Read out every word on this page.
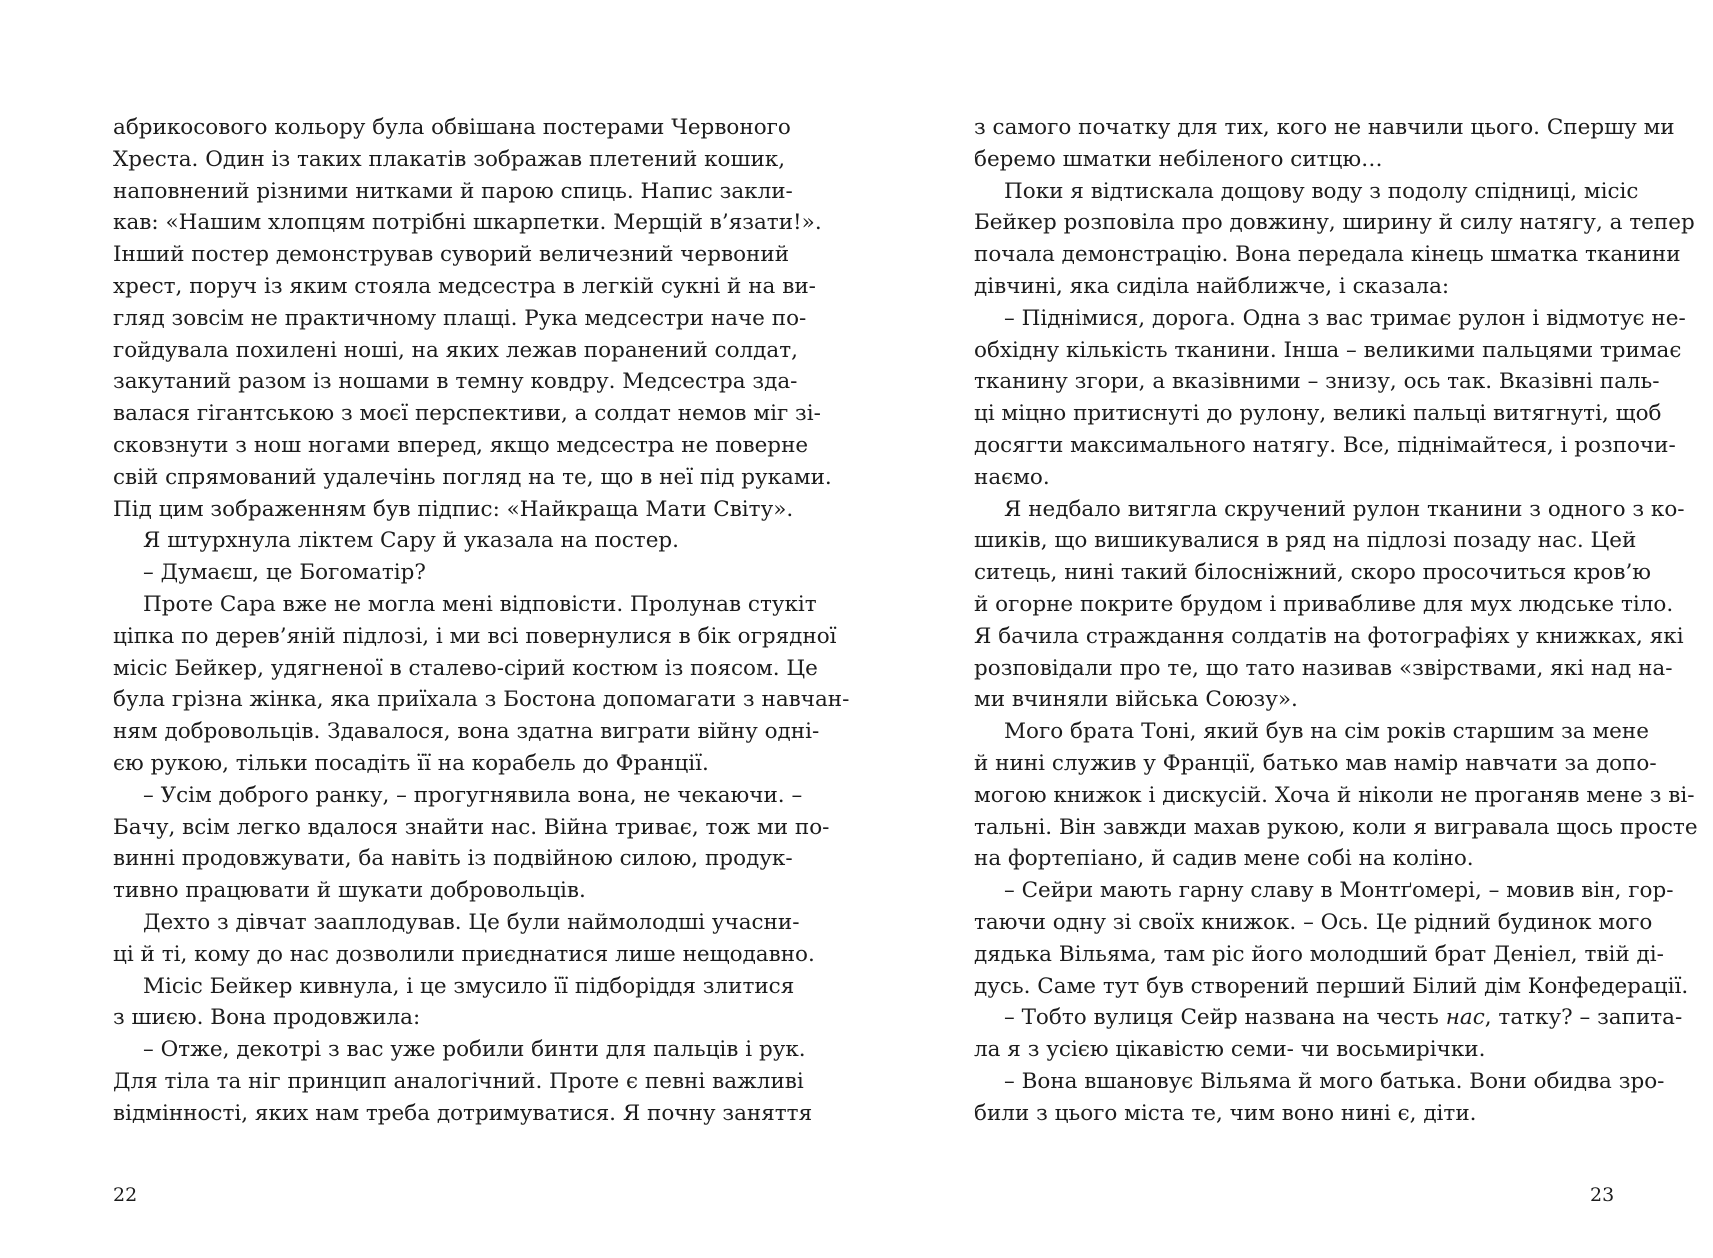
абрикосового кольору була обвішана постерами Червоного
Хреста. Один із таких плакатів зображав плетений кошик,
наповнений різними нитками й парою спиць. Напис закли-
кав: «Нашим хлопцям потрібні шкарпетки. Мерщій в’язати!».
Інший постер демонстрував суворий величезний червоний
хрест, поруч із яким стояла медсестра в легкій сукні й на ви-
гляд зовсім не практичному плащі. Рука медсестри наче по-
гойдувала похилені ноші, на яких лежав поранений солдат,
закутаний разом із ношами в темну ковдру. Медсестра зда-
валася гігантською з моєї перспективи, а солдат немов міг зі-
сковзнути з нош ногами вперед, якщо медсестра не поверне
свій спрямований удалечінь погляд на те, що в неї під руками.
Під цим зображенням був підпис: «Найкраща Мати Світу».

Я штурхнула ліктем Сару й указала на постер.

– Думаєш, це Богоматір?

Проте Сара вже не могла мені відповісти. Пролунав стукіт
ціпка по дерев’яній підлозі, і ми всі повернулися в бік огрядної
місіс Бейкер, удягненої в сталево-сірий костюм із поясом. Це
була грізна жінка, яка приїхала з Бостона допомагати з навчан-
ням добровольців. Здавалося, вона здатна виграти війну одні-
єю рукою, тільки посадіть її на корабель до Франції.

– Усім доброго ранку, – прогугнявила вона, не чекаючи. –
Бачу, всім легко вдалося знайти нас. Війна триває, тож ми по-
винні продовжувати, ба навіть із подвійною силою, продук-
тивно працювати й шукати добровольців.

Дехто з дівчат зааплодував. Це були наймолодші учасни-
ці й ті, кому до нас дозволили приєднатися лише нещодавно.

Місіс Бейкер кивнула, і це змусило її підборіддя злитися
з шиєю. Вона продовжила:

– Отже, декотрі з вас уже робили бинти для пальців і рук.
Для тіла та ніг принцип аналогічний. Проте є певні важливі
відмінності, яких нам треба дотримуватися. Я почну заняття

з самого початку для тих, кого не навчили цього. Спершу ми
беремо шматки небіленого ситцю…

Поки я відтискала дощову воду з подолу спідниці, місіс
Бейкер розповіла про довжину, ширину й силу натягу, а тепер
почала демонстрацію. Вона передала кінець шматка тканини
дівчині, яка сиділа найближче, і сказала:

– Піднімися, дорога. Одна з вас тримає рулон і відмотує не-
обхідну кількість тканини. Інша – великими пальцями тримає
тканину згори, а вказівними – знизу, ось так. Вказівні паль-
ці міцно притиснуті до рулону, великі пальці витягнуті, щоб
досягти максимального натягу. Все, піднімайтеся, і розпочи-
наємо.

Я недбало витягла скручений рулон тканини з одного з ко-
шиків, що вишикувалися в ряд на підлозі позаду нас. Цей
ситець, нині такий білосніжний, скоро просочиться кров’ю
й огорне покрите брудом і привабливе для мух людське тіло.
Я бачила страждання солдатів на фотографіях у книжках, які
розповідали про те, що тато називав «звірствами, які над на-
ми вчиняли війська Союзу».

Мого брата Тоні, який був на сім років старшим за мене
й нині служив у Франції, батько мав намір навчати за допо-
могою книжок і дискусій. Хоча й ніколи не проганяв мене з ві-
тальні. Він завжди махав рукою, коли я вигравала щось просте
на фортепіано, й садив мене собі на коліно.

– Сейри мають гарну славу в Монтґомері, – мовив він, гор-
таючи одну зі своїх книжок. – Ось. Це рідний будинок мого
дядька Вільяма, там ріс його молодший брат Деніел, твій ді-
дусь. Саме тут був створений перший Білий дім Конфедерації.

– Тобто вулиця Сейр названа на честь нас, татку? – запита-
ла я з усією цікавістю семи- чи восьмирічки.

– Вона вшановує Вільяма й мого батька. Вони обидва зро-
били з цього міста те, чим воно нині є, діти.

22	23
